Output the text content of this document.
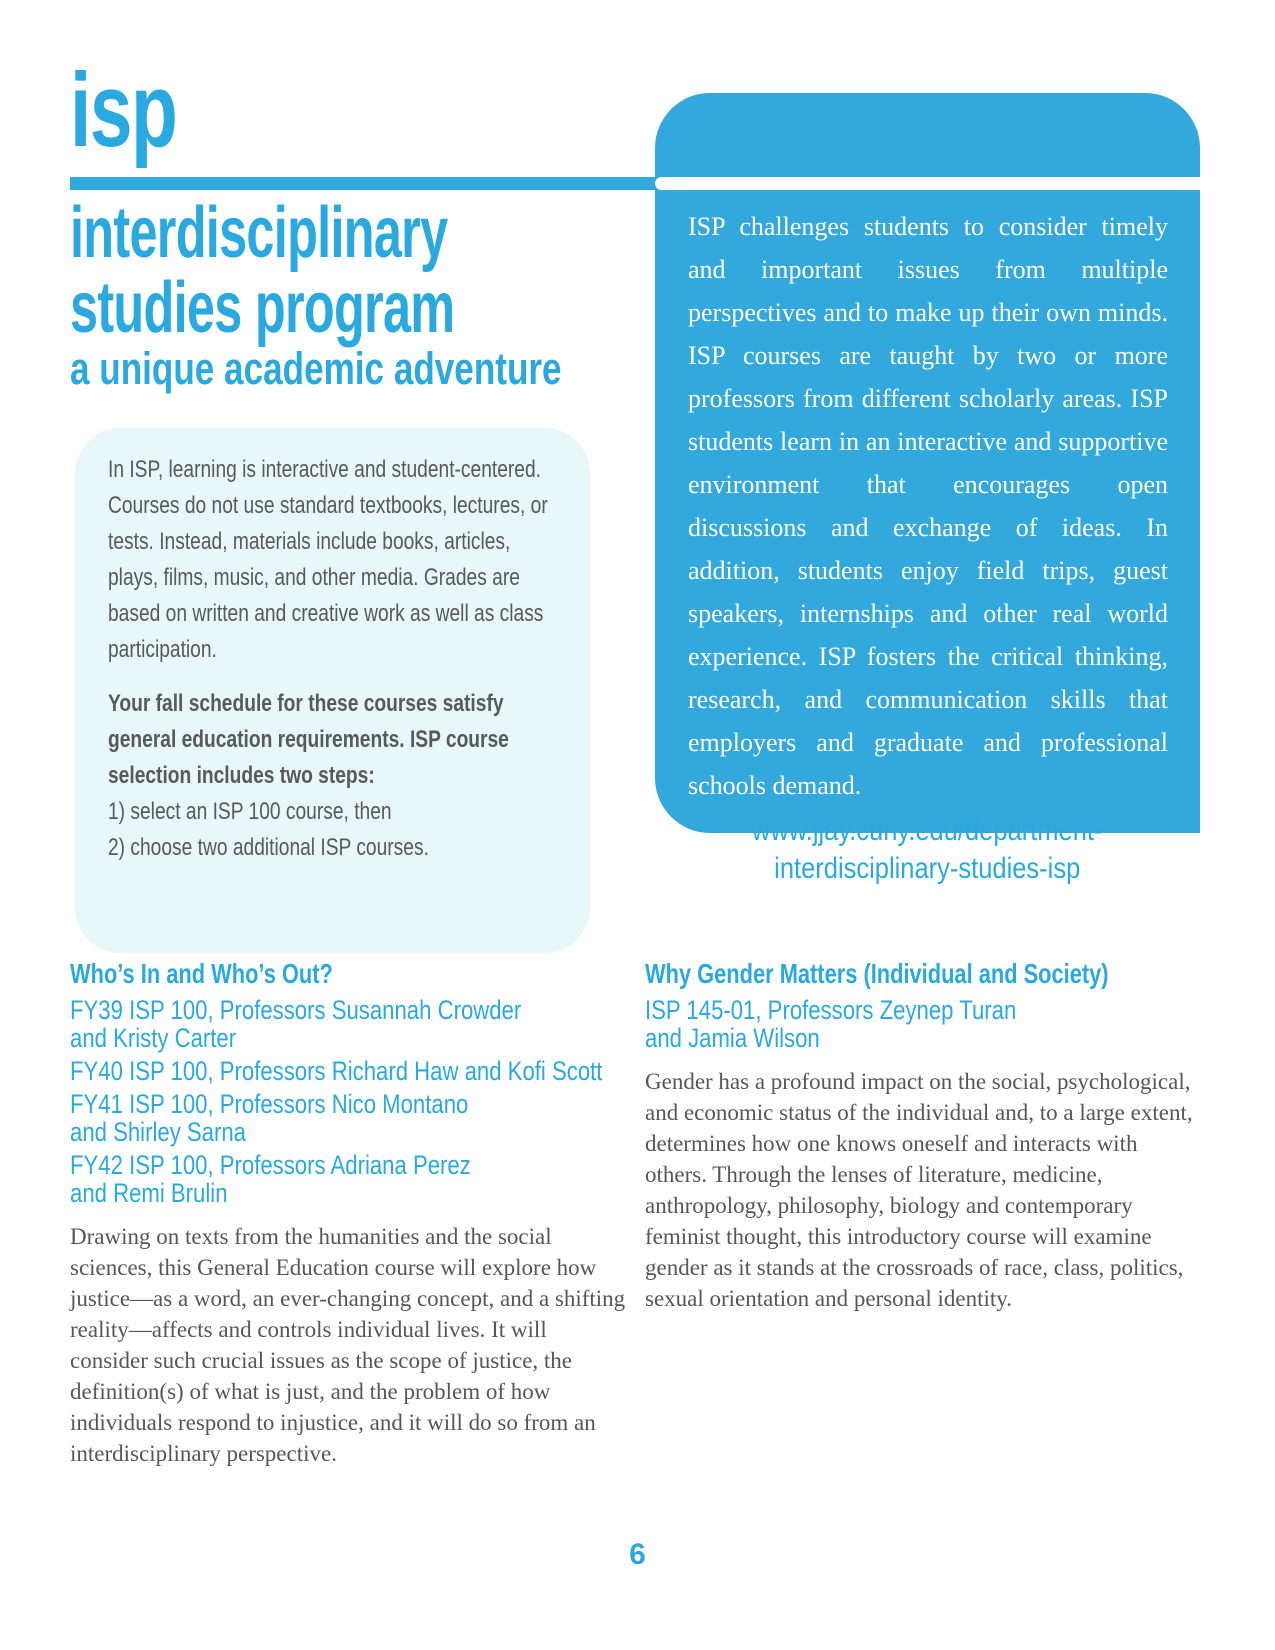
isp
interdisciplinary
studies program
a unique academic adventure

In ISP, learning is interactive and student-centered. Courses do not use standard textbooks, lectures, or tests. Instead, materials include books, articles, plays, films, music, and other media. Grades are based on written and creative work as well as class participation.

Your fall schedule for these courses satisfy general education requirements. ISP course selection includes two steps:

1) select an ISP 100 course, then

2) choose two additional ISP courses.

ISP challenges students to consider timely and important issues from multiple perspectives and to make up their own minds. ISP courses are taught by two or more professors from different scholarly areas. ISP students learn in an interactive and supportive environment that encourages open discussions and exchange of ideas. In addition, students enjoy field trips, guest speakers, internships and other real world experience. ISP fosters the critical thinking, research, and communication skills that employers and graduate and professional schools demand.

www.jjay.cuny.edu/department-
interdisciplinary-studies-isp
Who’s In and Who’s Out?
FY39 ISP 100, Professors Susannah Crowder
and Kristy Carter
FY40 ISP 100, Professors Richard Haw and Kofi Scott
FY41 ISP 100, Professors Nico Montano
and Shirley Sarna
FY42 ISP 100, Professors Adriana Perez
and Remi Brulin

Drawing on texts from the humanities and the social sciences, this General Education course will explore how justice—as a word, an ever-changing concept, and a shifting reality—affects and controls individual lives. It will consider such crucial issues as the scope of justice, the definition(s) of what is just, and the problem of how individuals respond to injustice, and it will do so from an interdisciplinary perspective.

Why Gender Matters (Individual and Society)
ISP 145-01, Professors Zeynep Turan
and Jamia Wilson

Gender has a profound impact on the social, psychological, and economic status of the individual and, to a large extent, determines how one knows oneself and interacts with others. Through the lenses of literature, medicine, anthropology, philosophy, biology and contemporary feminist thought, this introductory course will examine gender as it stands at the crossroads of race, class, politics, sexual orientation and personal identity.

6
